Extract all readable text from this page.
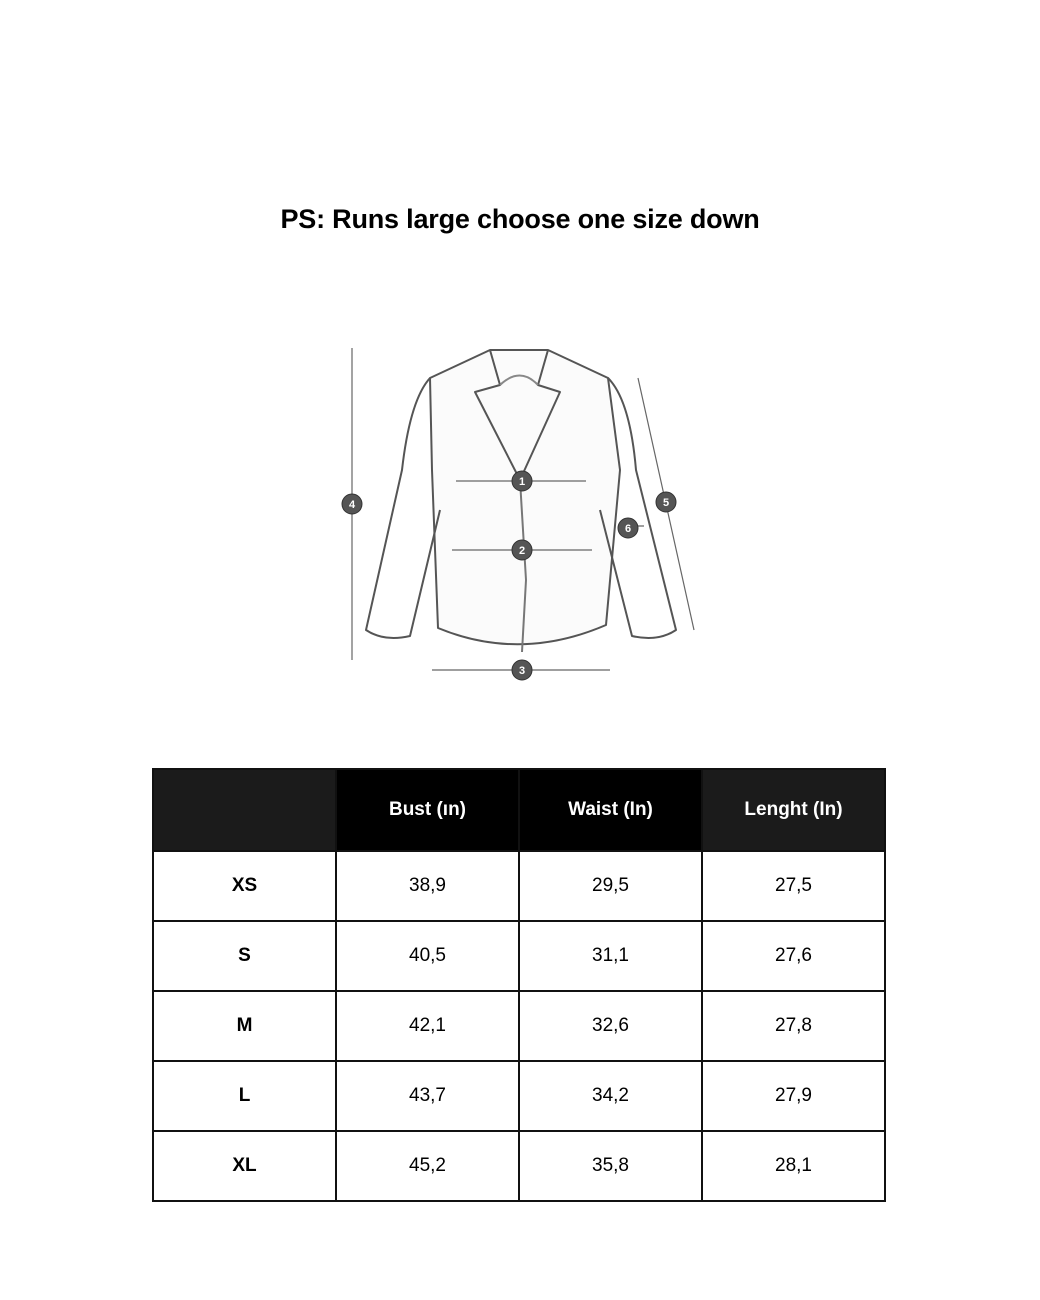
PS: Runs large choose one size down
1
2
3
4	5
6
	Bust (ın)	Waist (In)	Lenght (In)
XS	38,9	29,5	27,5
S	40,5	31,1	27,6
M	42,1	32,6	27,8
L	43,7	34,2	27,9
XL	45,2	35,8	28,1
